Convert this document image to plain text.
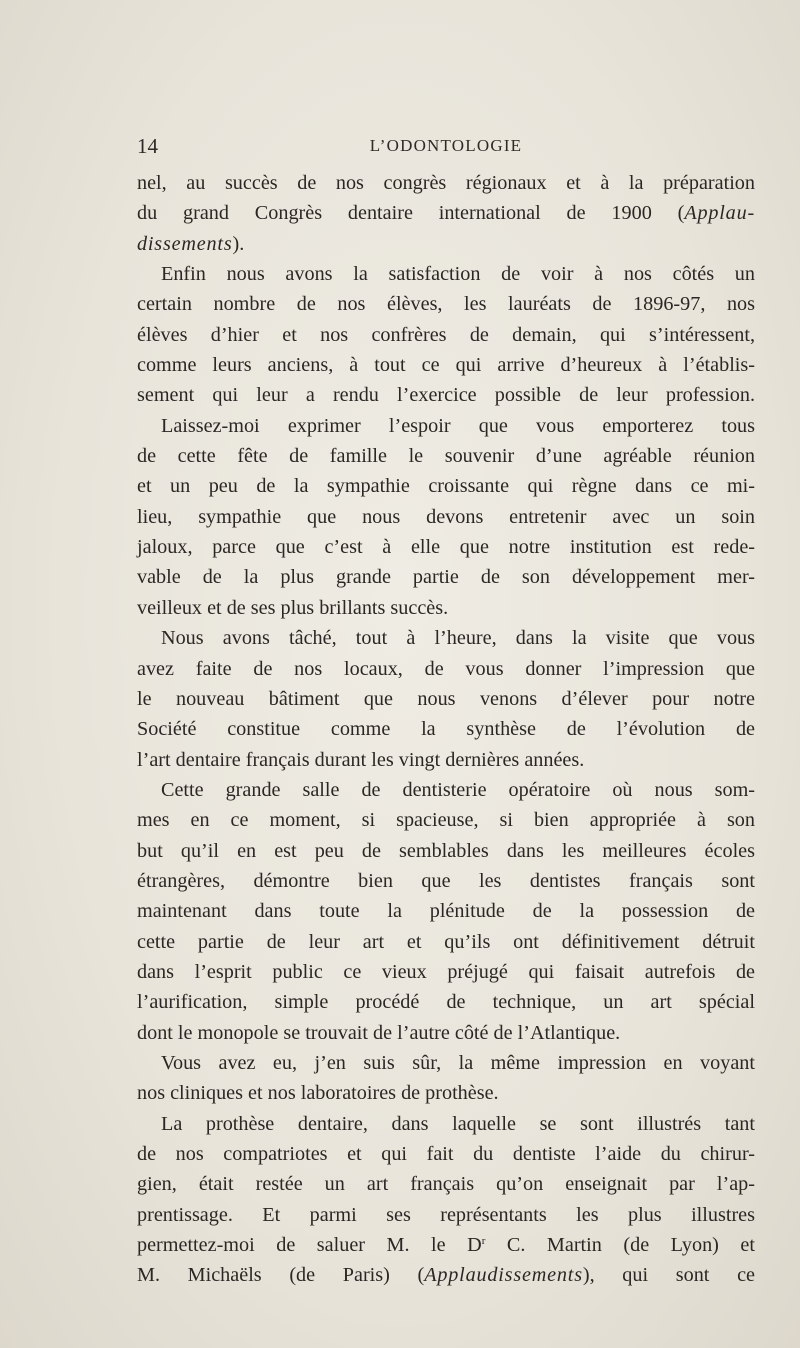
14	L’ODONTOLOGIE
nel, au succès de nos congrès régionaux et à la préparation
du grand Congrès dentaire international de 1900 (Applau-
dissements).
Enfin nous avons la satisfaction de voir à nos côtés un
certain nombre de nos élèves, les lauréats de 1896-97, nos
élèves d’hier et nos confrères de demain, qui s’intéressent,
comme leurs anciens, à tout ce qui arrive d’heureux à l’établis-
sement qui leur a rendu l’exercice possible de leur profession.
Laissez-moi exprimer l’espoir que vous emporterez tous
de cette fête de famille le souvenir d’une agréable réunion
et un peu de la sympathie croissante qui règne dans ce mi-
lieu, sympathie que nous devons entretenir avec un soin
jaloux, parce que c’est à elle que notre institution est rede-
vable de la plus grande partie de son développement mer-
veilleux et de ses plus brillants succès.
Nous avons tâché, tout à l’heure, dans la visite que vous
avez faite de nos locaux, de vous donner l’impression que
le nouveau bâtiment que nous venons d’élever pour notre
Société constitue comme la synthèse de l’évolution de
l’art dentaire français durant les vingt dernières années.
Cette grande salle de dentisterie opératoire où nous som-
mes en ce moment, si spacieuse, si bien appropriée à son
but qu’il en est peu de semblables dans les meilleures écoles
étrangères, démontre bien que les dentistes français sont
maintenant dans toute la plénitude de la possession de
cette partie de leur art et qu’ils ont définitivement détruit
dans l’esprit public ce vieux préjugé qui faisait autrefois de
l’aurification, simple procédé de technique, un art spécial
dont le monopole se trouvait de l’autre côté de l’Atlantique.
Vous avez eu, j’en suis sûr, la même impression en voyant
nos cliniques et nos laboratoires de prothèse.
La prothèse dentaire, dans laquelle se sont illustrés tant
de nos compatriotes et qui fait du dentiste l’aide du chirur-
gien, était restée un art français qu’on enseignait par l’ap-
prentissage. Et parmi ses représentants les plus illustres
permettez-moi de saluer M. le $D^r$ C. Martin (de Lyon) et
M. Michaëls (de Paris) (Applaudissements), qui sont ce
